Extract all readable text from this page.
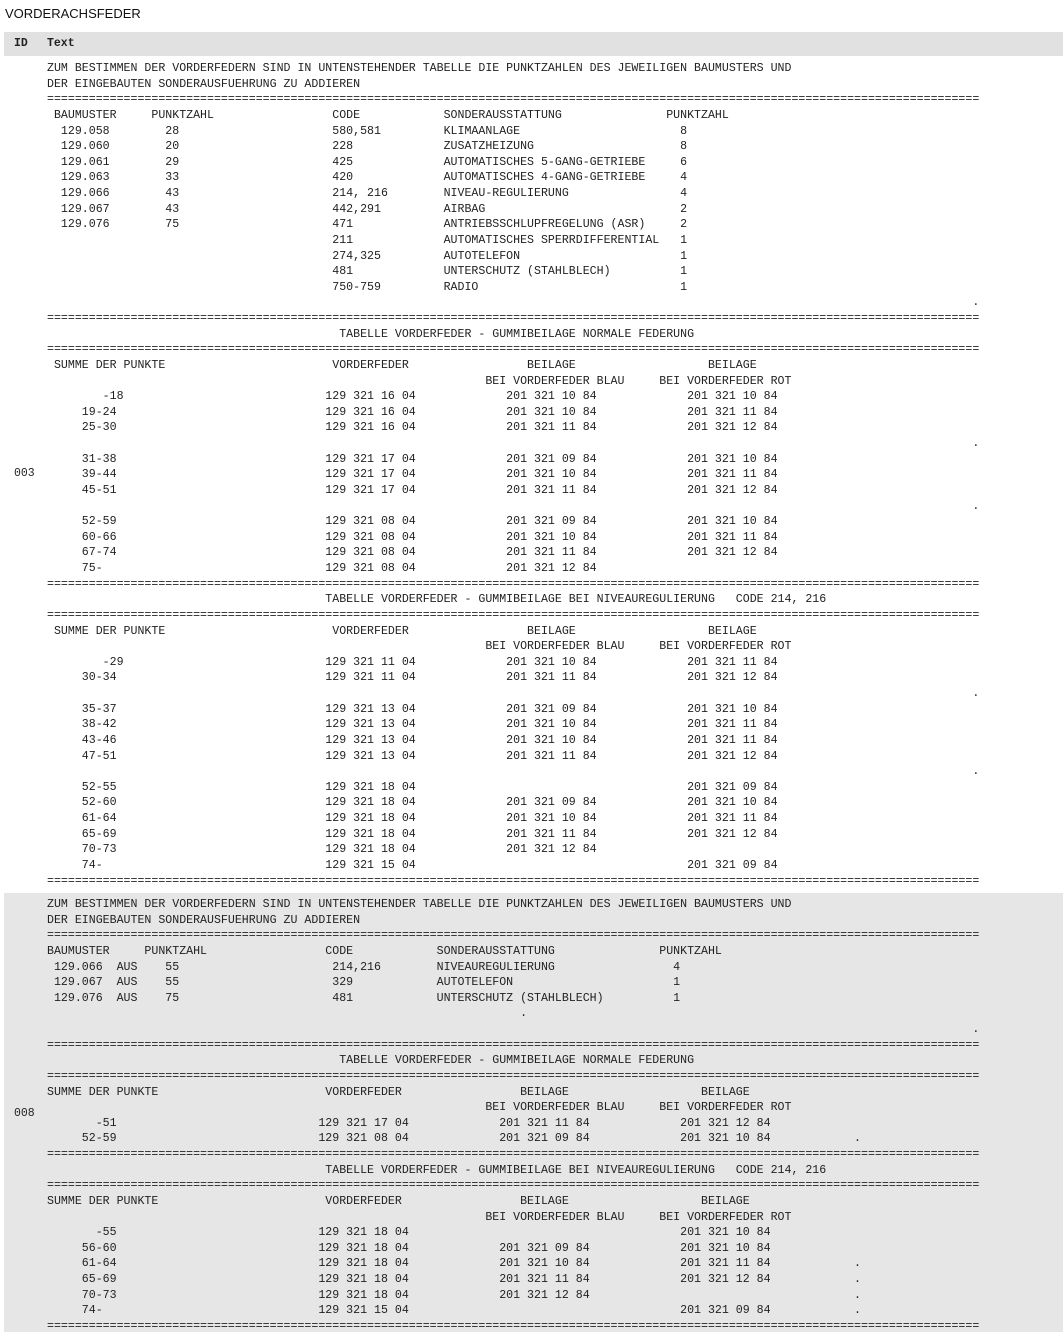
VORDERACHSFEDER
ID Text
003
ZUM BESTIMMEN DER VORDERFEDERN SIND IN UNTENSTEHENDER TABELLE DIE PUNKTZAHLEN DES JEWEILIGEN BAUMUSTERS UND
DER EINGEBAUTEN SONDERAUSFUEHRUNG ZU ADDIEREN
======================================================================================================================================
BAUMUSTER     PUNKTZAHL                 CODE            SONDERAUSSTATTUNG               PUNKTZAHL
129.058        28                      580,581         KLIMAANLAGE                       8
129.060        20                      228             ZUSATZHEIZUNG                     8
129.061        29                      425             AUTOMATISCHES 5-GANG-GETRIEBE     6
129.063        33                      420             AUTOMATISCHES 4-GANG-GETRIEBE     4
129.066        43                      214, 216        NIVEAU-REGULIERUNG                4
129.067        43                      442,291         AIRBAG                            2
129.076        75                      471             ANTRIEBSSCHLUPFREGELUNG (ASR)     2
211             AUTOMATISCHES SPERRDIFFERENTIAL   1
274,325         AUTOTELEFON                       1
481             UNTERSCHUTZ (STAHLBLECH)          1
750-759         RADIO                             1
.
======================================================================================================================================
TABELLE VORDERFEDER - GUMMIBEILAGE NORMALE FEDERUNG
======================================================================================================================================
SUMME DER PUNKTE                        VORDERFEDER                 BEILAGE                   BEILAGE
BEI VORDERFEDER BLAU     BEI VORDERFEDER ROT
-18                             129 321 16 04             201 321 10 84             201 321 10 84
19-24                              129 321 16 04             201 321 10 84             201 321 11 84
25-30                              129 321 16 04             201 321 11 84             201 321 12 84
.
31-38                              129 321 17 04             201 321 09 84             201 321 10 84
39-44                              129 321 17 04             201 321 10 84             201 321 11 84
45-51                              129 321 17 04             201 321 11 84             201 321 12 84
.
52-59                              129 321 08 04             201 321 09 84             201 321 10 84
60-66                              129 321 08 04             201 321 10 84             201 321 11 84
67-74                              129 321 08 04             201 321 11 84             201 321 12 84
75-                                129 321 08 04             201 321 12 84
======================================================================================================================================
TABELLE VORDERFEDER - GUMMIBEILAGE BEI NIVEAUREGULIERUNG   CODE 214, 216
======================================================================================================================================
SUMME DER PUNKTE                        VORDERFEDER                 BEILAGE                   BEILAGE
BEI VORDERFEDER BLAU     BEI VORDERFEDER ROT
-29                             129 321 11 04             201 321 10 84             201 321 11 84
30-34                              129 321 11 04             201 321 11 84             201 321 12 84
.
35-37                              129 321 13 04             201 321 09 84             201 321 10 84
38-42                              129 321 13 04             201 321 10 84             201 321 11 84
43-46                              129 321 13 04             201 321 10 84             201 321 11 84
47-51                              129 321 13 04             201 321 11 84             201 321 12 84
.
52-55                              129 321 18 04                                       201 321 09 84
52-60                              129 321 18 04             201 321 09 84             201 321 10 84
61-64                              129 321 18 04             201 321 10 84             201 321 11 84
65-69                              129 321 18 04             201 321 11 84             201 321 12 84
70-73                              129 321 18 04             201 321 12 84
74-                                129 321 15 04                                       201 321 09 84
======================================================================================================================================
008
ZUM BESTIMMEN DER VORDERFEDERN SIND IN UNTENSTEHENDER TABELLE DIE PUNKTZAHLEN DES JEWEILIGEN BAUMUSTERS UND
DER EINGEBAUTEN SONDERAUSFUEHRUNG ZU ADDIEREN
======================================================================================================================================
BAUMUSTER     PUNKTZAHL                 CODE            SONDERAUSSTATTUNG               PUNKTZAHL
129.066  AUS    55                      214,216        NIVEAUREGULIERUNG                 4
129.067  AUS    55                      329            AUTOTELEFON                       1
129.076  AUS    75                      481            UNTERSCHUTZ (STAHLBLECH)          1
.
.
======================================================================================================================================
TABELLE VORDERFEDER - GUMMIBEILAGE NORMALE FEDERUNG
======================================================================================================================================
SUMME DER PUNKTE                        VORDERFEDER                 BEILAGE                   BEILAGE
BEI VORDERFEDER BLAU     BEI VORDERFEDER ROT
-51                             129 321 17 04             201 321 11 84             201 321 12 84
52-59                             129 321 08 04             201 321 09 84             201 321 10 84            .
======================================================================================================================================
TABELLE VORDERFEDER - GUMMIBEILAGE BEI NIVEAUREGULIERUNG   CODE 214, 216
======================================================================================================================================
SUMME DER PUNKTE                        VORDERFEDER                 BEILAGE                   BEILAGE
BEI VORDERFEDER BLAU     BEI VORDERFEDER ROT
-55                             129 321 18 04                                       201 321 10 84
56-60                             129 321 18 04             201 321 09 84             201 321 10 84
61-64                             129 321 18 04             201 321 10 84             201 321 11 84            .
65-69                             129 321 18 04             201 321 11 84             201 321 12 84            .
70-73                             129 321 18 04             201 321 12 84                                      .
74-                               129 321 15 04                                       201 321 09 84            .
======================================================================================================================================
